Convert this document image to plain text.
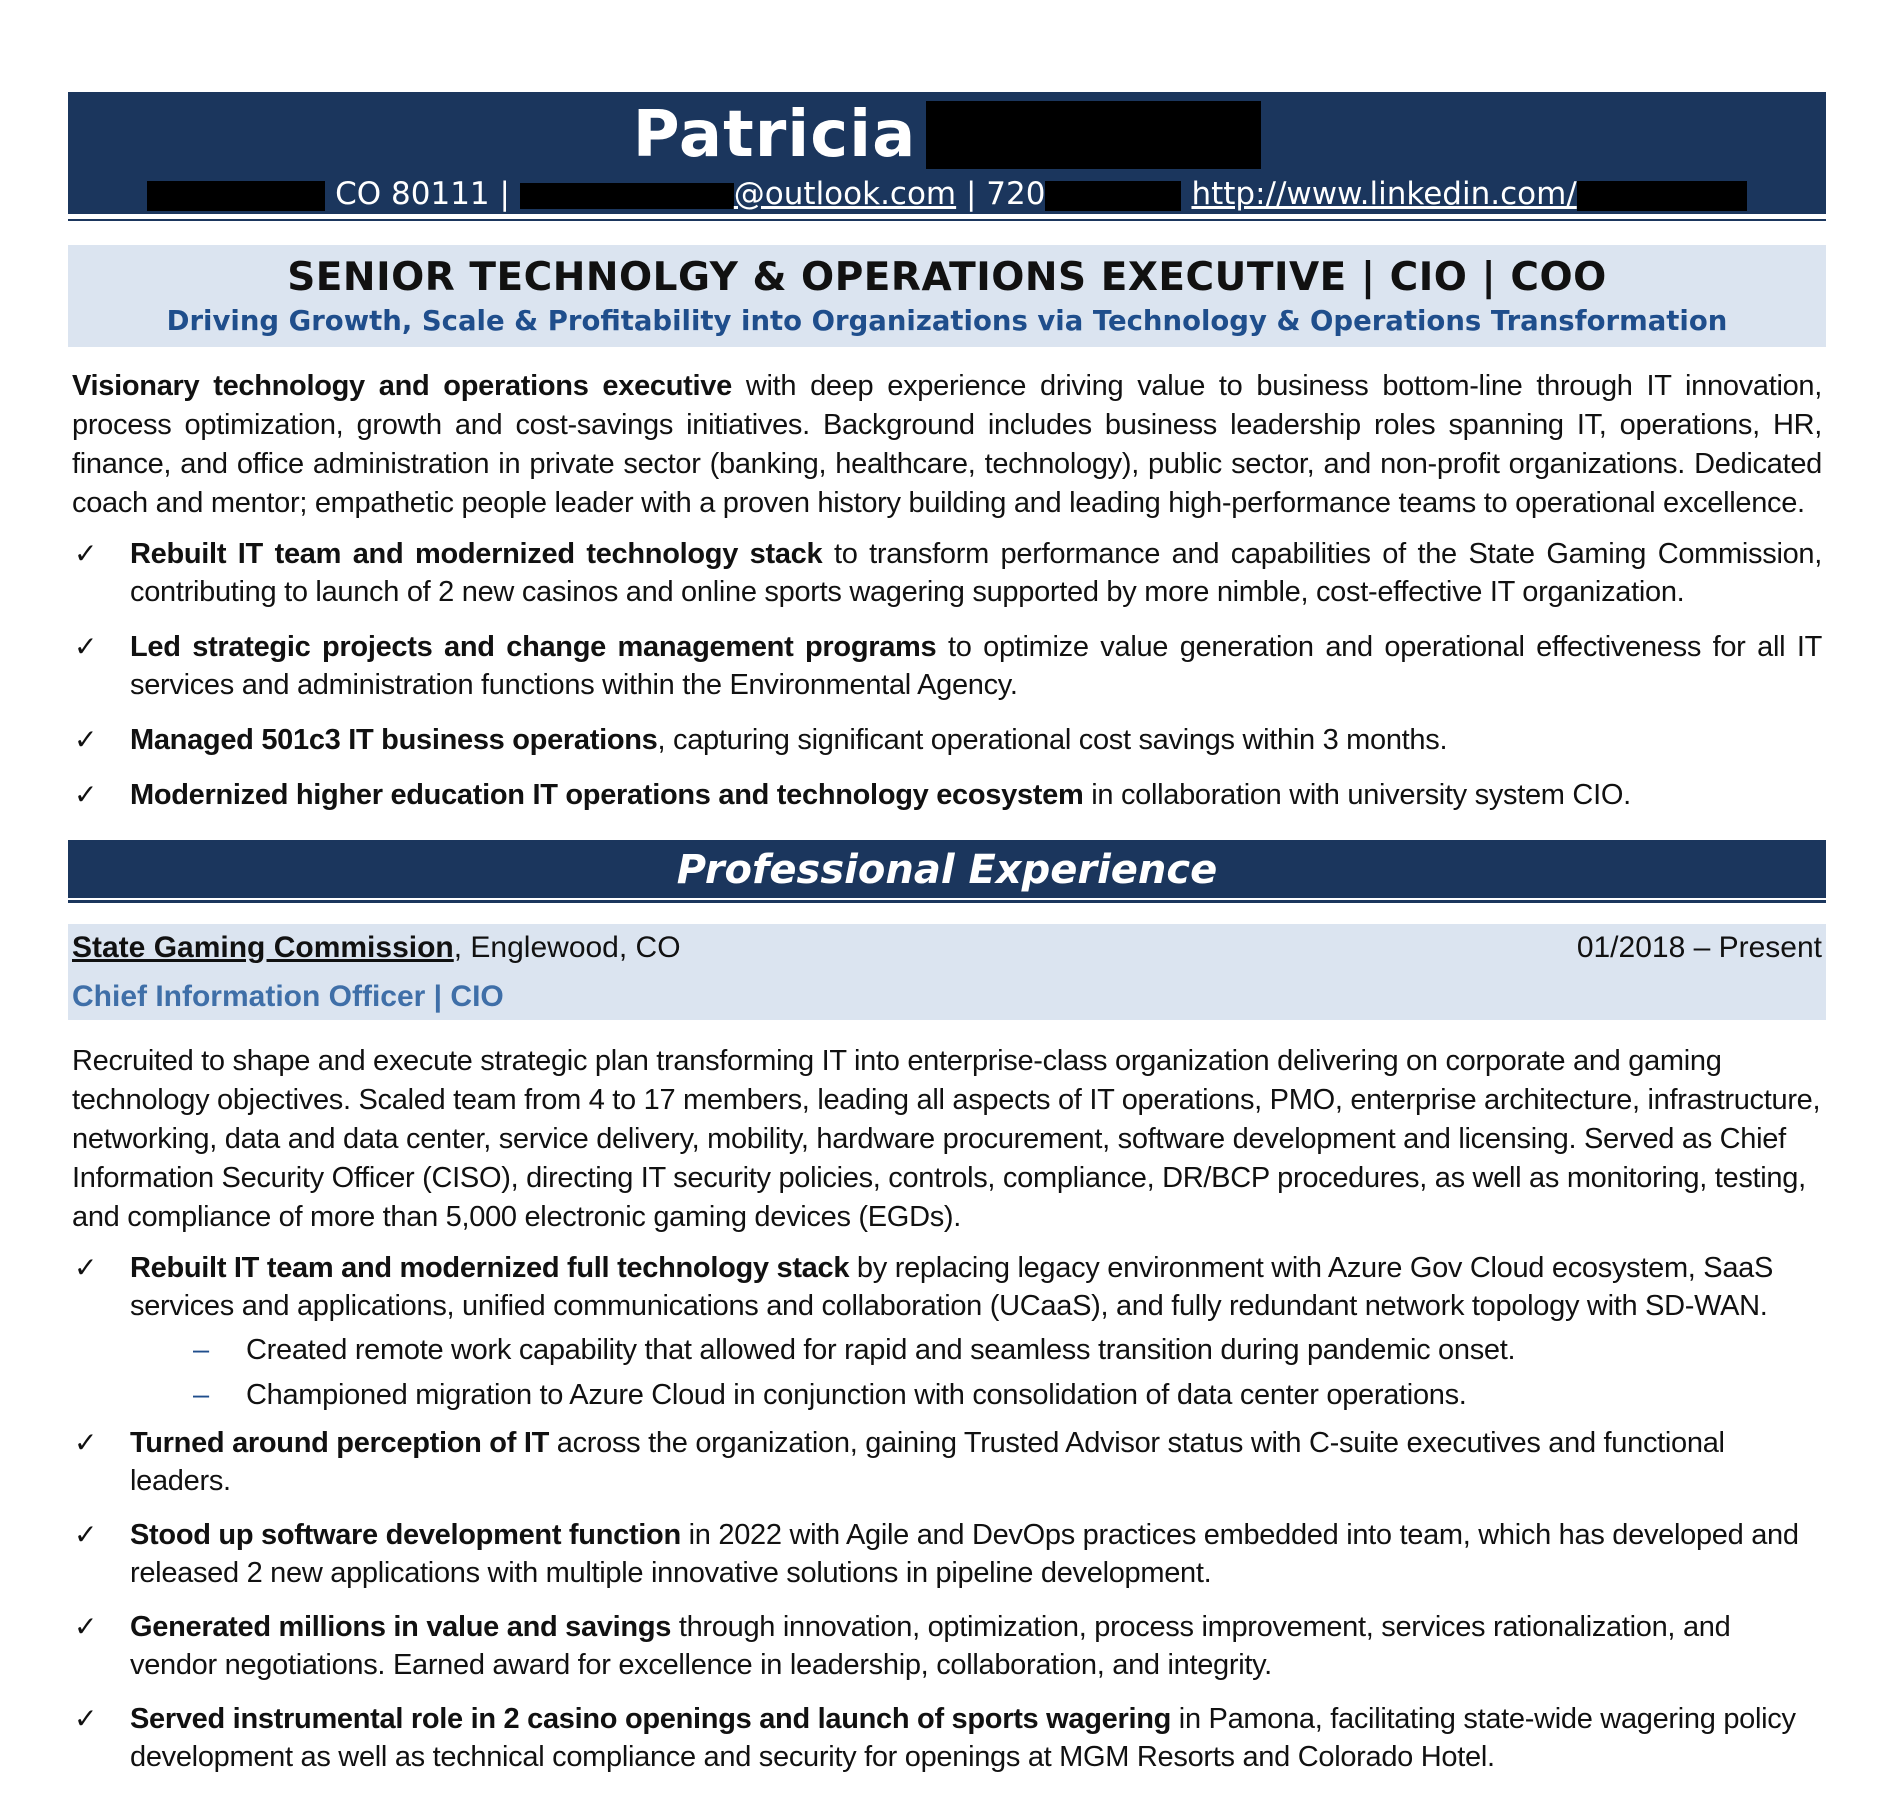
Patricia
CO 80111 |	@outlook.com | 720	http://www.linkedin.com/
SENIOR TECHNOLGY & OPERATIONS EXECUTIVE | CIO | COO
Driving Growth, Scale & Profitability into Organizations via Technology & Operations Transformation
Visionary technology and operations executive with deep experience driving value to business bottom-line through IT innovation, process optimization, growth and cost-savings initiatives. Background includes business leadership roles spanning IT, operations, HR, finance, and office administration in private sector (banking, healthcare, technology), public sector, and non-profit organizations. Dedicated coach and mentor; empathetic people leader with a proven history building and leading high-performance teams to operational excellence.
✓ Rebuilt IT team and modernized technology stack to transform performance and capabilities of the State Gaming Commission, contributing to launch of 2 new casinos and online sports wagering supported by more nimble, cost-effective IT organization.
✓ Led strategic projects and change management programs to optimize value generation and operational effectiveness for all IT services and administration functions within the Environmental Agency.
✓ Managed 501c3 IT business operations, capturing significant operational cost savings within 3 months.
✓ Modernized higher education IT operations and technology ecosystem in collaboration with university system CIO.
Professional Experience
State Gaming Commission, Englewood, CO	01/2018 – Present
Chief Information Officer | CIO
Recruited to shape and execute strategic plan transforming IT into enterprise-class organization delivering on corporate and gaming technology objectives. Scaled team from 4 to 17 members, leading all aspects of IT operations, PMO, enterprise architecture, infrastructure, networking, data and data center, service delivery, mobility, hardware procurement, software development and licensing. Served as Chief Information Security Officer (CISO), directing IT security policies, controls, compliance, DR/BCP procedures, as well as monitoring, testing, and compliance of more than 5,000 electronic gaming devices (EGDs).
✓ Rebuilt IT team and modernized full technology stack by replacing legacy environment with Azure Gov Cloud ecosystem, SaaS services and applications, unified communications and collaboration (UCaaS), and fully redundant network topology with SD-WAN.
– Created remote work capability that allowed for rapid and seamless transition during pandemic onset.
– Championed migration to Azure Cloud in conjunction with consolidation of data center operations.
✓ Turned around perception of IT across the organization, gaining Trusted Advisor status with C-suite executives and functional leaders.
✓ Stood up software development function in 2022 with Agile and DevOps practices embedded into team, which has developed and released 2 new applications with multiple innovative solutions in pipeline development.
✓ Generated millions in value and savings through innovation, optimization, process improvement, services rationalization, and vendor negotiations. Earned award for excellence in leadership, collaboration, and integrity.
✓ Served instrumental role in 2 casino openings and launch of sports wagering in Pamona, facilitating state-wide wagering policy development as well as technical compliance and security for openings at MGM Resorts and Colorado Hotel.
